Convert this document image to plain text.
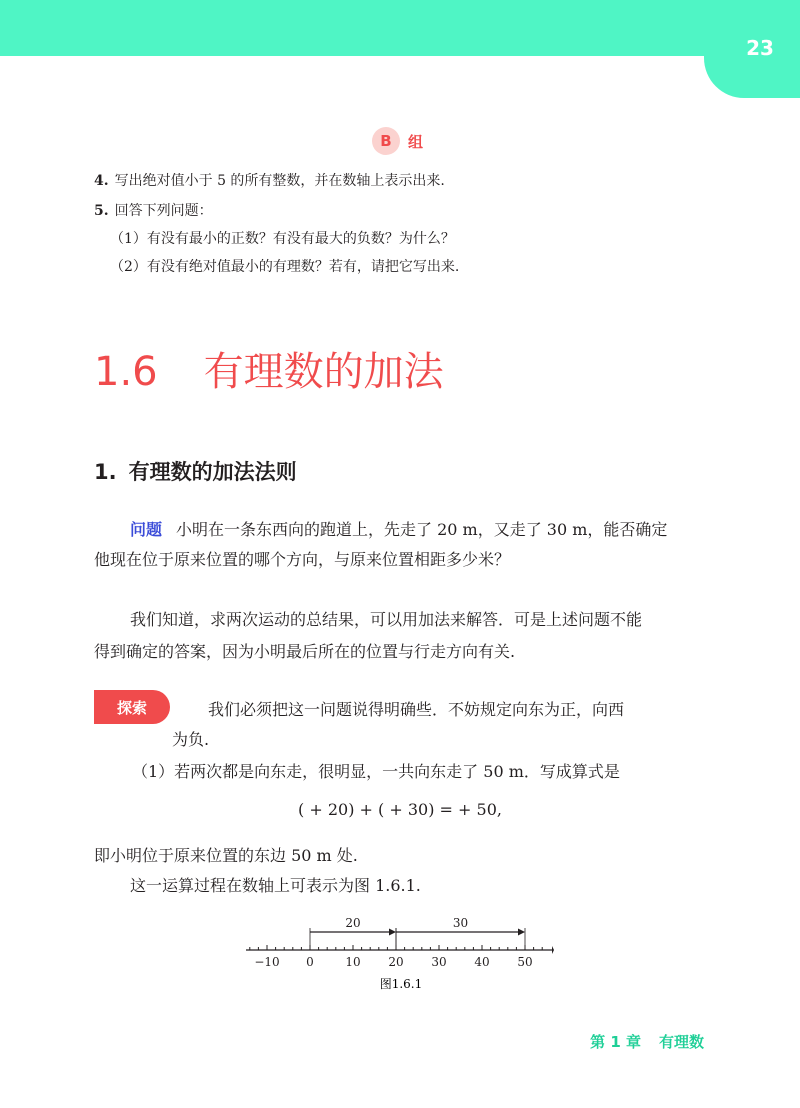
23
B	组
4. 写出绝对值小于 5 的所有整数，并在数轴上表示出来.
5. 回答下列问题：
（1）有没有最小的正数？有没有最大的负数？为什么？
（2）有没有绝对值最小的有理数？若有，请把它写出来.
1.6 有理数的加法
1. 有理数的加法法则
问题 小明在一条东西向的跑道上，先走了 20 m，又走了 30 m，能否确定
他现在位于原来位置的哪个方向，与原来位置相距多少米？
我们知道，求两次运动的总结果，可以用加法来解答．可是上述问题不能
得到确定的答案，因为小明最后所在的位置与行走方向有关.
探索	我们必须把这一问题说得明确些．不妨规定向东为正，向西
为负.
（1）若两次都是向东走，很明显，一共向东走了 50 m．写成算式是
( + 20) + ( + 30) = + 50,
即小明位于原来位置的东边 50 m 处.
这一运算过程在数轴上可表示为图 1.6.1.
−10 0	10 20 30 40 50
20	30
图1.6.1
第 1 章 有理数
